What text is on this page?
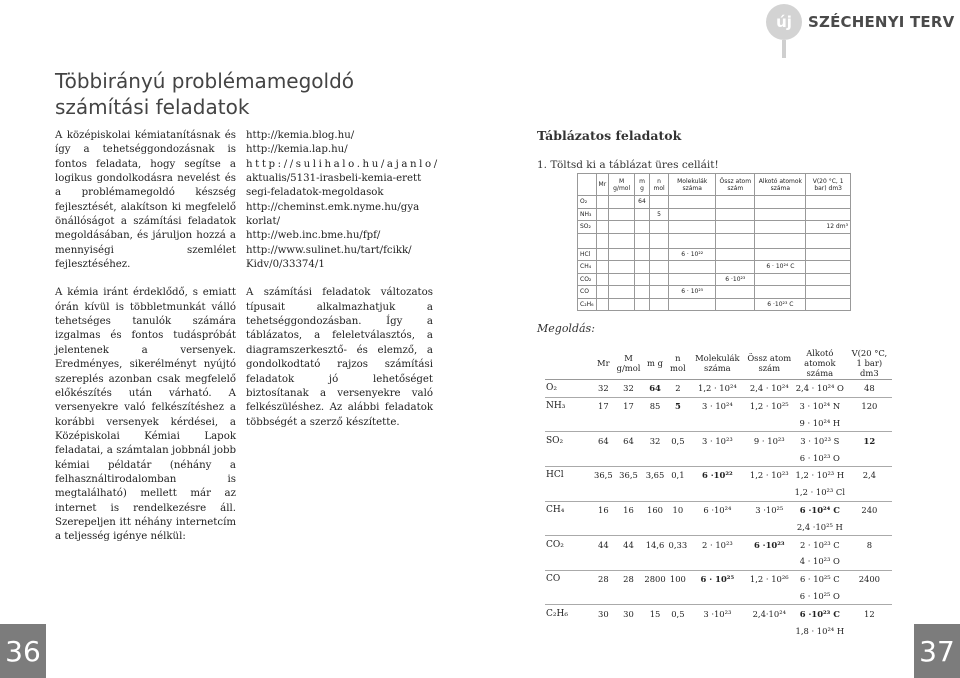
új	SZÉCHENYI TERV
Többirányú problémamegoldó számítási feladatok

A középiskolai kémiatanításnak és így a tehetséggondozásnak is fontos feladata, hogy segítse a logikus gondolkodásra nevelést és a problémamegoldó készség fejlesztését, alakítson ki megfelelő önállóságot a számítási feladatok megoldásában, és járuljon hozzá a mennyiségi szemlélet fejlesztéséhez.

A kémia iránt érdeklődő, s emiatt órán kívül is többletmunkát válló tehetséges tanulók számára izgalmas és fontos tudáspróbát jelentenek a versenyek. Eredményes, sikerélményt nyújtó szereplés azonban csak megfelelő előkészítés után várható. A versenyekre való felkészítéshez a korábbi versenyek kérdései, a Középiskolai Kémiai Lapok feladatai, a számtalan jobbnál jobb kémiai példatár (néhány a felhasználtirodalomban is megtalálható) mellett már az internet is rendelkezésre áll. Szerepeljen itt néhány internetcím a teljesség igénye nélkül:

http://kemia.blog.hu/
http://kemia.lap.hu/
http://sulihalo.hu/ajanlo/
aktualis/5131-irasbeli-kemia-erett
segi-feladatok-megoldasok
http://cheminst.emk.nyme.hu/gya
korlat/
http://web.inc.bme.hu/fpf/
http://www.sulinet.hu/tart/fcikk/
Kidv/0/33374/1

A számítási feladatok változatos típusait alkalmazhatjuk a tehetséggondozásban. Így a táblázatos, a feleletválasztós, a diagramszerkesztő- és elemző, a gondolkodtató rajzos számítási feladatok jó lehetőséget biztosítanak a versenyekre való felkészüléshez. Az alábbi feladatok többségét a szerző készítette.

Táblázatos feladatok
1. Töltsd ki a táblázat üres celláit!
	Mr	M g/mol	m g	n mol	Molekulák száma	Össz atom szám	Alkotó atomok száma	V(20 °C, 1 bar) dm3
O₂			64					
NH₃				5				
SO₂								12 dm³

HCl					6 · 10²²			
CH₄							6 · 10²⁴ C	
CO₂						6 ·10²³		
CO					6 · 10²⁵			
C₂H₆							6 ·10²³ C	
Megoldás:
	Mr	M g/mol	m g	n mol	Molekulák száma	Össz atom szám	Alkotó atomok száma	V(20 °C, 1 bar) dm3
O₂	32	32	64	2	1,2 · 10²⁴	2,4 · 10²⁴	2,4 · 10²⁴ O	48
NH₃	17	17	85	5	3 · 10²⁴	1,2 · 10²⁵	3 · 10²⁴ N	120
							9 · 10²⁴ H	
SO₂	64	64	32	0,5	3 · 10²³	9 · 10²³	3 · 10²³ S	12
							6 · 10²³ O	
HCl	36,5	36,5	3,65	0,1	6 ·10²²	1,2 · 10²³	1,2 · 10²³ H	2,4
							1,2 · 10²³ Cl	
CH₄	16	16	160	10	6 ·10²⁴	3 ·10²⁵	6 ·10²⁴ C	240
							2,4 ·10²⁵ H	
CO₂	44	44	14,6	0,33	2 · 10²³	6 ·10²³	2 · 10²³ C	8
							4 · 10²³ O	
CO	28	28	2800	100	6 · 10²⁵	1,2 · 10²⁶	6 · 10²⁵ C	2400
							6 · 10²⁵ O	
C₂H₆	30	30	15	0,5	3 ·10²³	2,4·10²⁴	6 ·10²³ C	12
							1,8 · 10²⁴ H	
36	37
